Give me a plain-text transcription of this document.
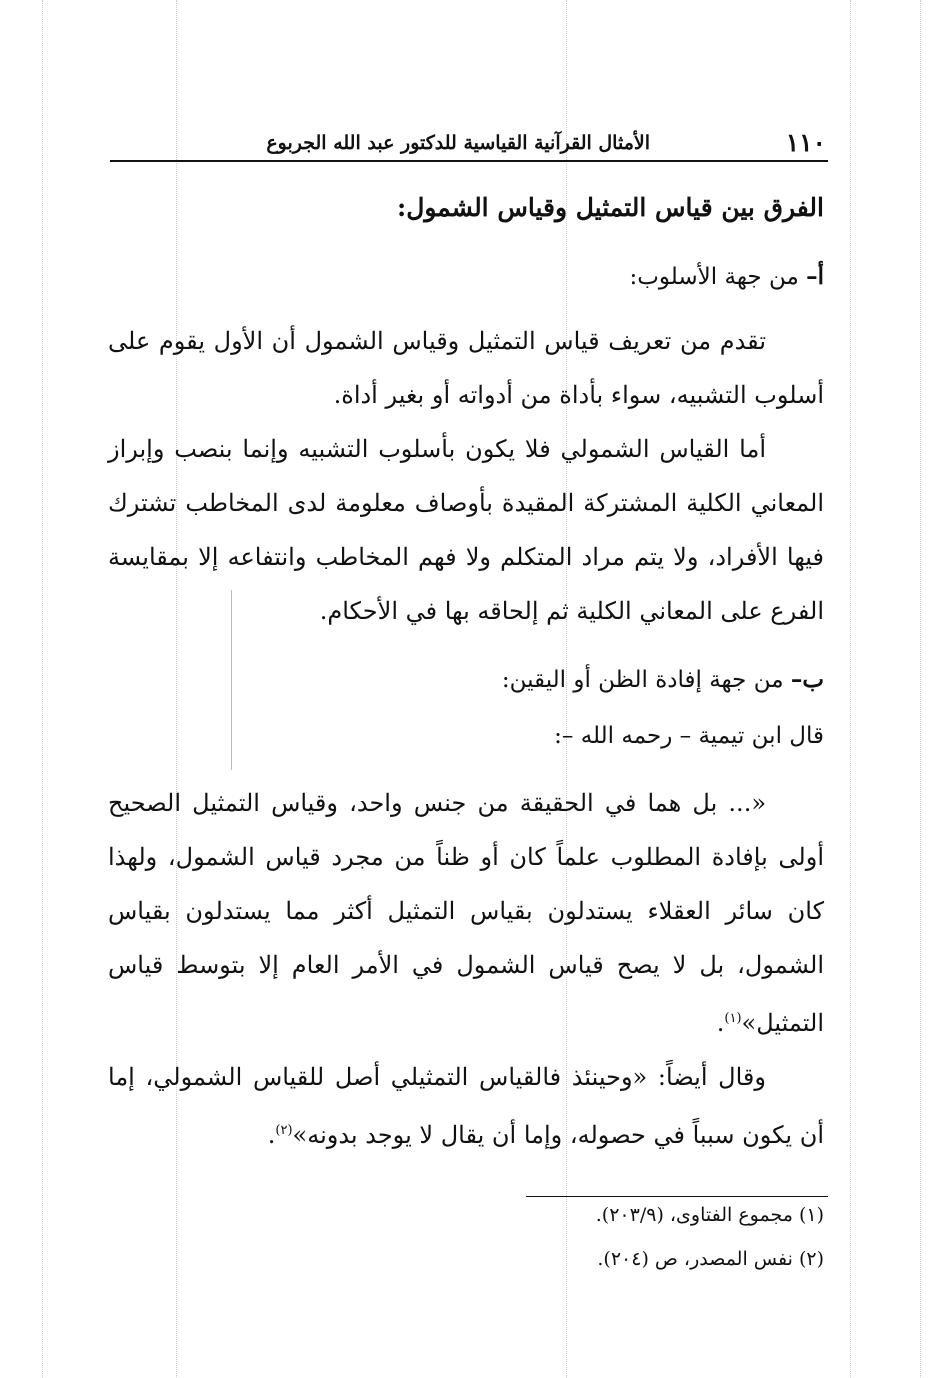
١١٠
الأمثال القرآنية القياسية للدكتور عبد الله الجربوع
الفرق بين قياس التمثيل وقياس الشمول:
أ– من جهة الأسلوب:

تقدم من تعريف قياس التمثيل وقياس الشمول أن الأول يقوم على أسلوب التشبيه، سواء بأداة من أدواته أو بغير أداة.

أما القياس الشمولي فلا يكون بأسلوب التشبيه وإنما بنصب وإبراز المعاني الكلية المشتركة المقيدة بأوصاف معلومة لدى المخاطب تشترك فيها الأفراد، ولا يتم مراد المتكلم ولا فهم المخاطب وانتفاعه إلا بمقايسة الفرع على المعاني الكلية ثم إلحاقه بها في الأحكام.

ب– من جهة إفادة الظن أو اليقين:
قال ابن تيمية – رحمه الله –:

«... بل هما في الحقيقة من جنس واحد، وقياس التمثيل الصحيح أولى بإفادة المطلوب علماً كان أو ظناً من مجرد قياس الشمول، ولهذا كان سائر العقلاء يستدلون بقياس التمثيل أكثر مما يستدلون بقياس الشمول، بل لا يصح قياس الشمول في الأمر العام إلا بتوسط قياس التمثيل»$^{(١)}$.

وقال أيضاً: «وحينئذ فالقياس التمثيلي أصل للقياس الشمولي، إما أن يكون سبباً في حصوله، وإما أن يقال لا يوجد بدونه»$^{(٢)}$.

(١) مجموع الفتاوى، (٢٠٣/٩).
(٢) نفس المصدر، ص (٢٠٤).
